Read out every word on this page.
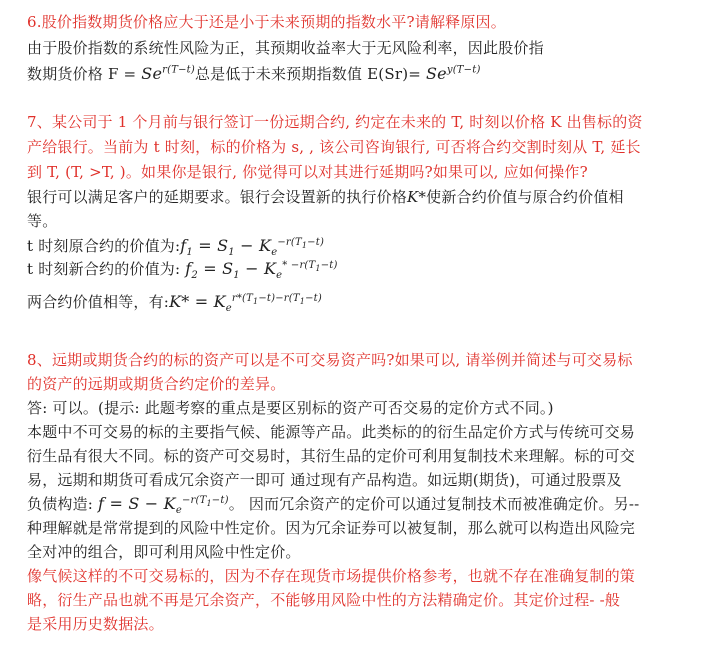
6.股价指数期货价格应大于还是小于未来预期的指数水平?请解释原因。
由于股价指数的系统性风险为正，其预期收益率大于无风险利率，因此股价指
数期货价格 $F = Se^{r(T-t)}$总是低于未来预期指数值 $E(Sr)= Se^{y(T-t)}$
7、某公司于 1 个月前与银行签订一份远期合约, 约定在未来的 T, 时刻以价格 K 出售标的资
产给银行。当前为 t 时刻，标的价格为 s, , 该公司咨询银行, 可否将合约交割时刻从 T, 延长
到 T, (T, >T, )。如果你是银行, 你觉得可以对其进行延期吗?如果可以, 应如何操作?
银行可以满足客户的延期要求。银行会设置新的执行价格K*使新合约价值与原合约价值相
等。
t 时刻原合约的价值为$:f_1 = S_1 - K_e^{-r(T_1-t)}$
t 时刻新合约的价值为: $f_2 = S_1 - K_e^{* -r(T_1-t)}$
两合约价值相等，有:K* = $K_e^{r*(T_1-t)-r(T_1-t)}$
8、远期或期货合约的标的资产可以是不可交易资产吗?如果可以, 请举例并简述与可交易标
的资产的远期或期货合约定价的差异。
答: 可以。(提示: 此题考察的重点是要区别标的资产可否交易的定价方式不同。)
本题中不可交易的标的主要指气候、能源等产品。此类标的的衍生品定价方式与传统可交易
衍生品有很大不同。标的资产可交易时，其衍生品的定价可利用复制技术来理解。标的可交
易，远期和期货可看成冗余资产一即可 通过现有产品构造。如远期(期货)，可通过股票及
负债构造: $f = S - K_e^{-r(T_1-t)}$。 因而冗余资产的定价可以通过复制技术而被准确定价。另--
种理解就是常常提到的风险中性定价。因为冗余证券可以被复制，那么就可以构造出风险完
全对冲的组合，即可利用风险中性定价。
像气候这样的不可交易标的，因为不存在现货市场提供价格参考，也就不存在准确复制的策
略，衍生产品也就不再是冗余资产，不能够用风险中性的方法精确定价。其定价过程- -般
是采用历史数据法。
